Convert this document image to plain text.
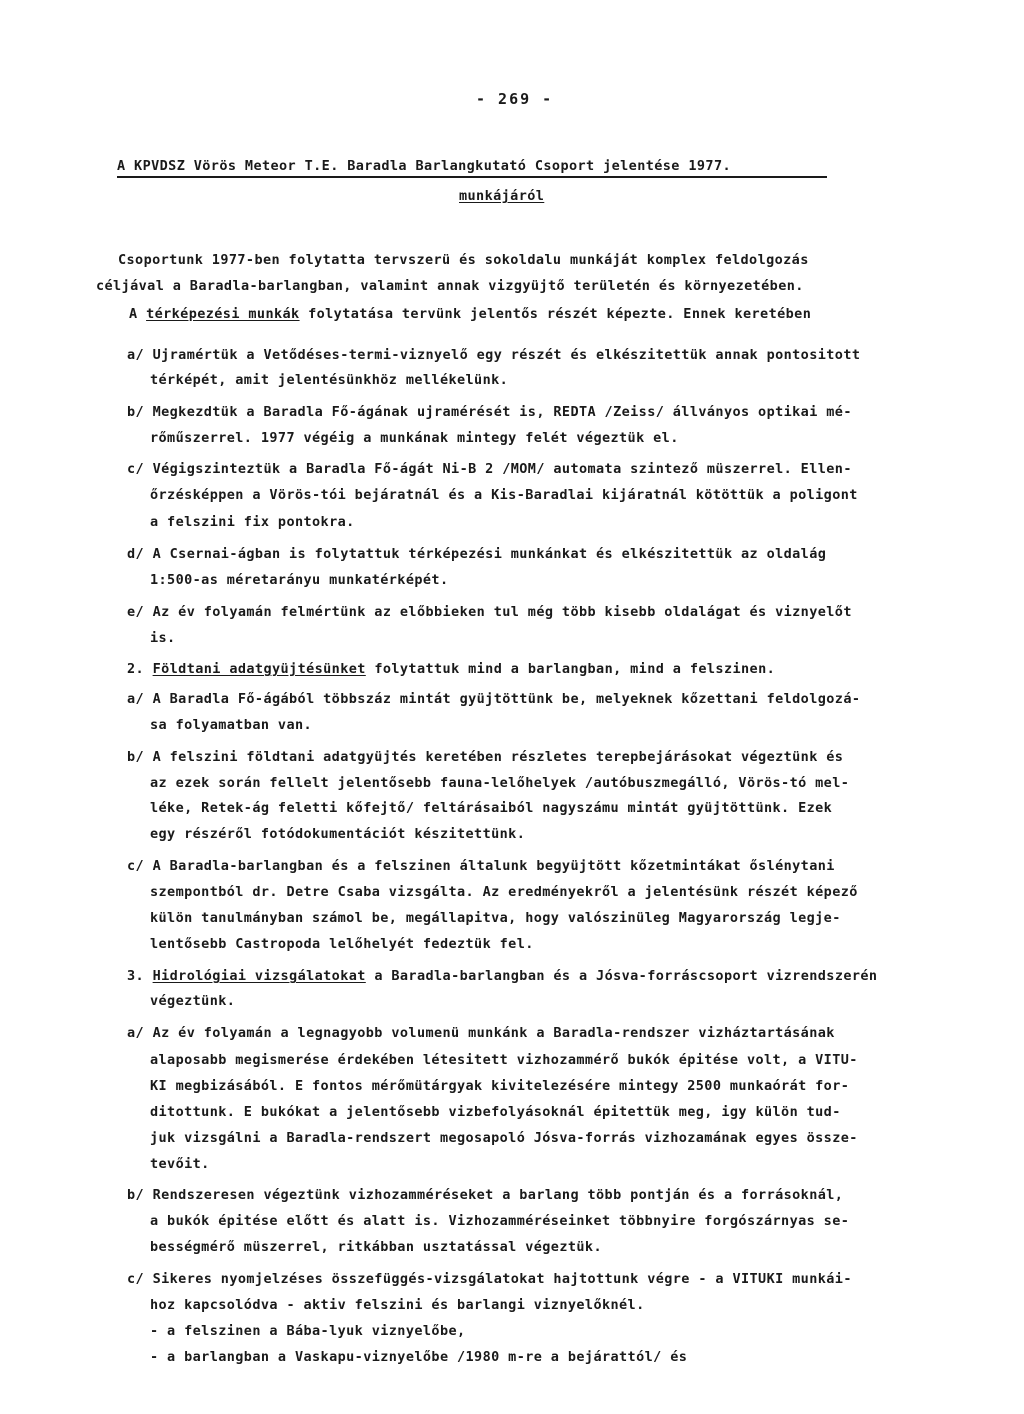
- 269 -
A KPVDSZ Vörös Meteor T.E. Baradla Barlangkutató Csoport jelentése 1977.
munkájáról
Csoportunk 1977-ben folytatta tervszerü és sokoldalu munkáját komplex feldolgozás
céljával a Baradla-barlangban, valamint annak vizgyüjtő területén és környezetében.
A térképezési munkák folytatása tervünk jelentős részét képezte. Ennek keretében
a/ Ujramértük a Vetődéses-termi-viznyelő egy részét és elkészitettük annak pontositott
térképét, amit jelentésünkhöz mellékelünk.
b/ Megkezdtük a Baradla Fő-ágának ujramérését is, REDTA /Zeiss/ állványos optikai mé-
rőműszerrel. 1977 végéig a munkának mintegy felét végeztük el.
c/ Végigszinteztük a Baradla Fő-ágát Ni-B 2 /MOM/ automata szintező müszerrel. Ellen-
őrzésképpen a Vörös-tói bejáratnál és a Kis-Baradlai kijáratnál kötöttük a poligont
a felszini fix pontokra.
d/ A Csernai-ágban is folytattuk térképezési munkánkat és elkészitettük az oldalág
1:500-as méretarányu munkatérképét.
e/ Az év folyamán felmértünk az előbbieken tul még több kisebb oldalágat és viznyelőt
is.
2. Földtani adatgyüjtésünket folytattuk mind a barlangban, mind a felszinen.
a/ A Baradla Fő-ágából többszáz mintát gyüjtöttünk be, melyeknek kőzettani feldolgozá-
sa folyamatban van.
b/ A felszini földtani adatgyüjtés keretében részletes terepbejárásokat végeztünk és
az ezek során fellelt jelentősebb fauna-lelőhelyek /autóbuszmegálló, Vörös-tó mel-
léke, Retek-ág feletti kőfejtő/ feltárásaiból nagyszámu mintát gyüjtöttünk. Ezek
egy részéről fotódokumentációt készitettünk.
c/ A Baradla-barlangban és a felszinen általunk begyüjtött kőzetmintákat őslénytani
szempontból dr. Detre Csaba vizsgálta. Az eredményekről a jelentésünk részét képező
külön tanulmányban számol be, megállapitva, hogy valószinüleg Magyarország legje-
lentősebb Castropoda lelőhelyét fedeztük fel.
3. Hidrológiai vizsgálatokat a Baradla-barlangban és a Jósva-forráscsoport vizrendszerén
végeztünk.
a/ Az év folyamán a legnagyobb volumenü munkánk a Baradla-rendszer vizháztartásának
alaposabb megismerése érdekében létesitett vizhozammérő bukók épitése volt, a VITU-
KI megbizásából. E fontos mérőmütárgyak kivitelezésére mintegy 2500 munkaórát for-
ditottunk. E bukókat a jelentősebb vizbefolyásoknál épitettük meg, igy külön tud-
juk vizsgálni a Baradla-rendszert megosapoló Jósva-forrás vizhozamának egyes össze-
tevőit.
b/ Rendszeresen végeztünk vizhozamméréseket a barlang több pontján és a forrásoknál,
a bukók épitése előtt és alatt is. Vizhozamméréseinket többnyire forgószárnyas se-
bességmérő müszerrel, ritkábban usztatással végeztük.
c/ Sikeres nyomjelzéses összefüggés-vizsgálatokat hajtottunk végre - a VITUKI munkái-
hoz kapcsolódva - aktiv felszini és barlangi viznyelőknél.
- a felszinen a Bába-lyuk viznyelőbe,
- a barlangban a Vaskapu-viznyelőbe /1980 m-re a bejárattól/ és
